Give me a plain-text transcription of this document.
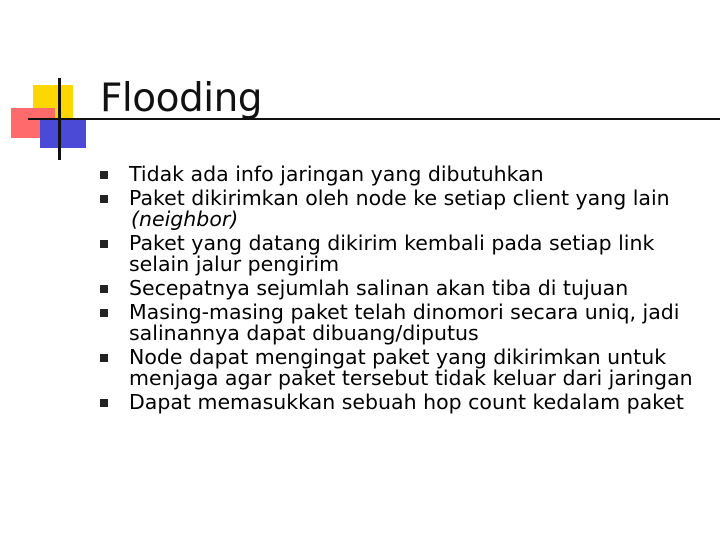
Flooding
Tidak ada info jaringan yang dibutuhkan
Paket dikirimkan oleh node ke setiap client yang lain
(neighbor)
Paket yang datang dikirim kembali pada setiap link selain jalur pengirim
Secepatnya sejumlah salinan akan tiba di tujuan
Masing-masing paket telah dinomori secara uniq, jadi salinannya dapat dibuang/diputus
Node dapat mengingat paket yang dikirimkan untuk menjaga agar paket tersebut tidak keluar dari jaringan
Dapat memasukkan sebuah hop count kedalam paket
